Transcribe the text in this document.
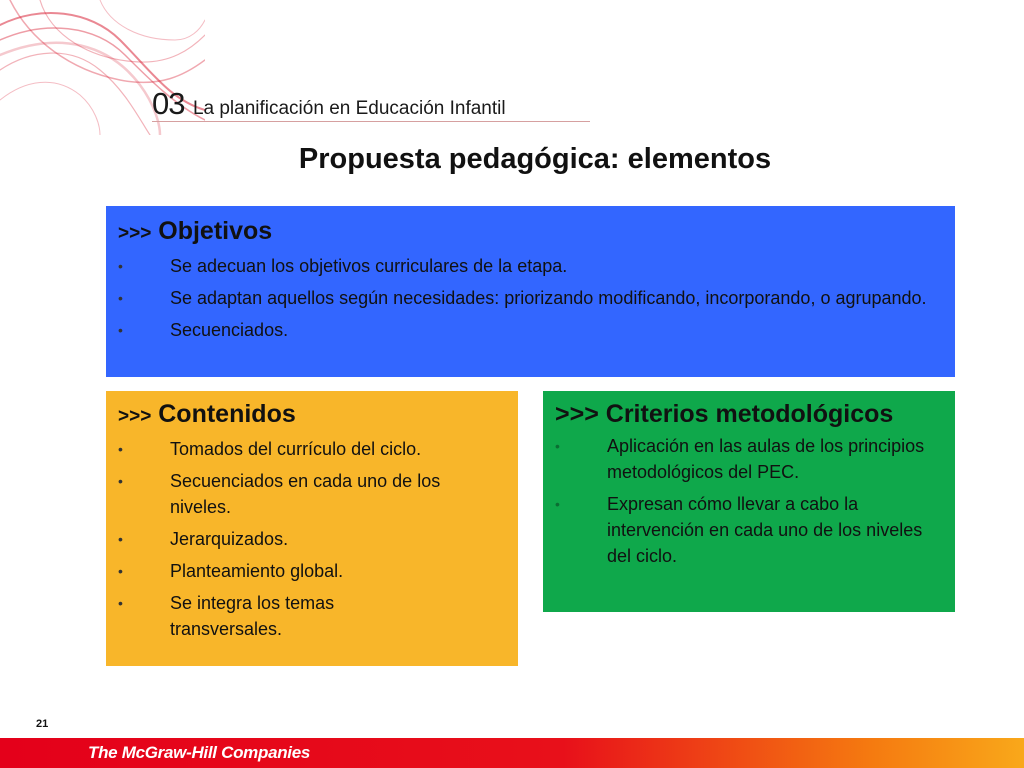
03 La planificación en Educación Infantil
Propuesta pedagógica: elementos
>>> Objetivos
• Se adecuan los objetivos curriculares de la etapa.
• Se adaptan aquellos según necesidades: priorizando modificando, incorporando, o agrupando.
• Secuenciados.
>>> Contenidos
• Tomados del currículo del ciclo.
• Secuenciados en cada uno de los niveles.
• Jerarquizados.
• Planteamiento global.
• Se integra los temas transversales.
>>> Criterios metodológicos
• Aplicación en las aulas de los principios metodológicos del PEC.
• Expresan cómo llevar a cabo la intervención en cada uno de los niveles del ciclo.
21
The McGraw-Hill Companies
